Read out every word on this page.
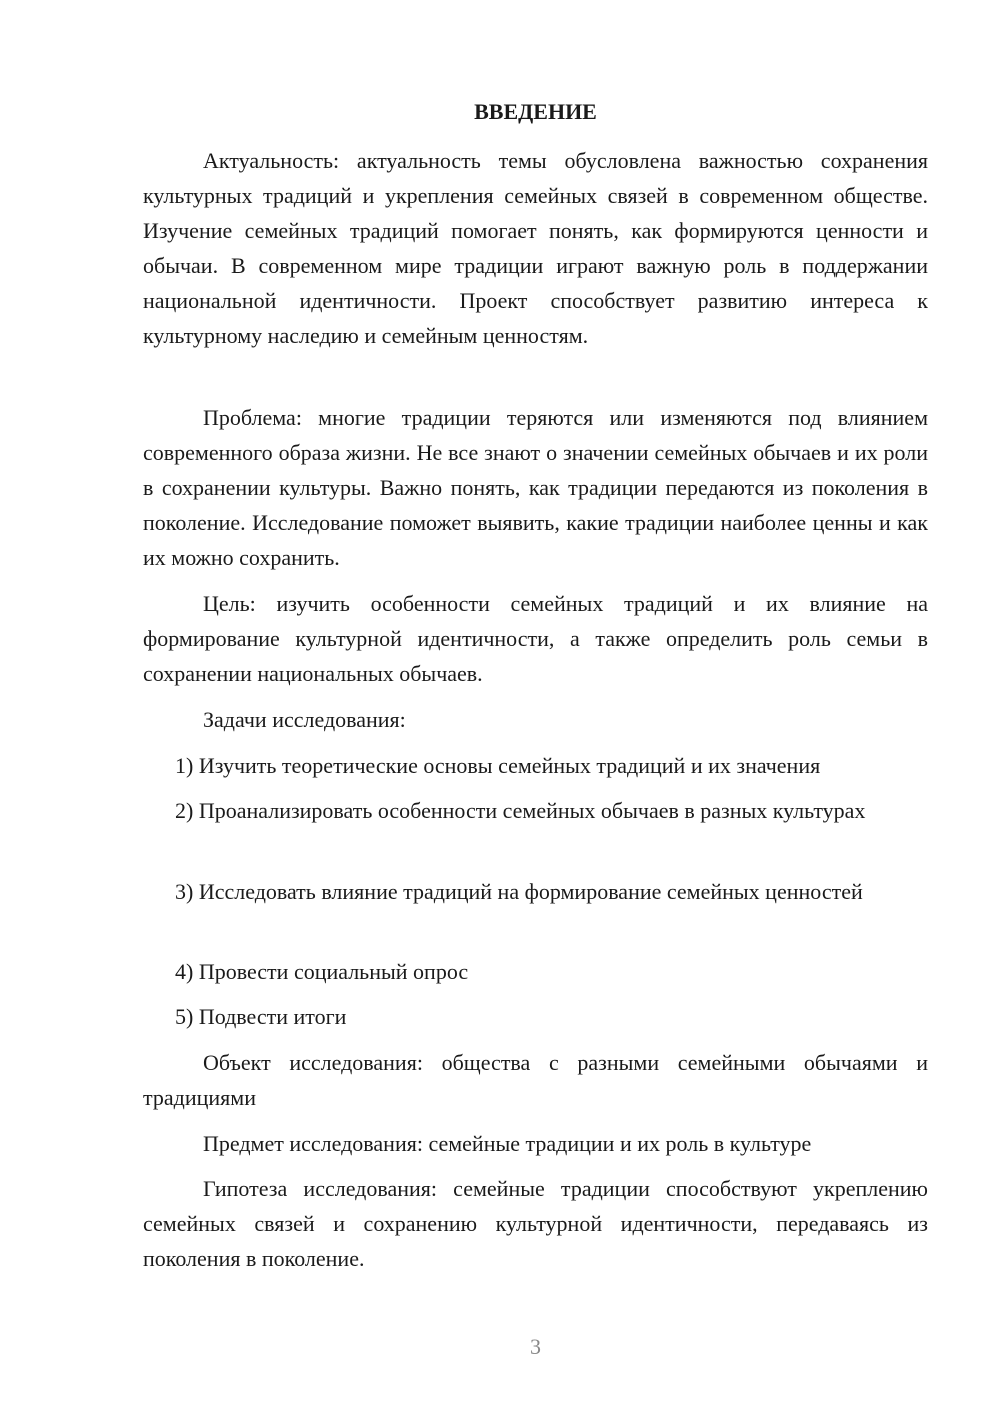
ВВЕДЕНИЕ

Актуальность: актуальность темы обусловлена важностью сохранения культурных традиций и укрепления семейных связей в современном обществе. Изучение семейных традиций помогает понять, как формируются ценности и обычаи. В современном мире традиции играют важную роль в поддержании национальной идентичности. Проект способствует развитию интереса к культурному наследию и семейным ценностям.

Проблема: многие традиции теряются или изменяются под влиянием современного образа жизни. Не все знают о значении семейных обычаев и их роли в сохранении культуры. Важно понять, как традиции передаются из поколения в поколение. Исследование поможет выявить, какие традиции наиболее ценны и как их можно сохранить.

Цель: изучить особенности семейных традиций и их влияние на формирование культурной идентичности, а также определить роль семьи в сохранении национальных обычаев.

Задачи исследования:

1) Изучить теоретические основы семейных традиций и их значения

2) Проанализировать особенности семейных обычаев в разных культурах

3) Исследовать влияние традиций на формирование семейных ценностей

4) Провести социальный опрос

5) Подвести итоги

Объект исследования: общества с разными семейными обычаями и традициями

Предмет исследования: семейные традиции и их роль в культуре

Гипотеза исследования: семейные традиции способствуют укреплению семейных связей и сохранению культурной идентичности, передаваясь из поколения в поколение.

3
